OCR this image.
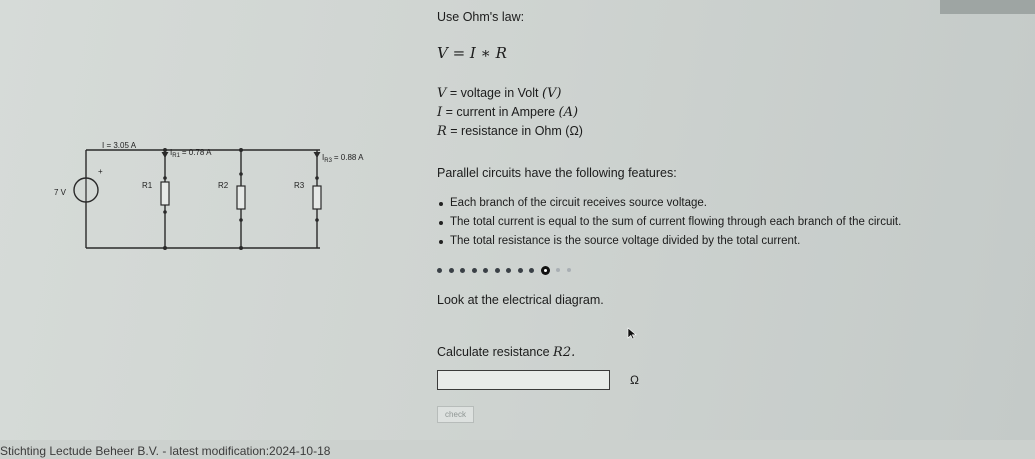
I = 3.05 A
$I_{R1} = 0.78$ A
$I_{R3} = 0.88$ A
7 V
+
R1	R2	R3
Use Ohm's law:
V = I ∗ R
V = voltage in Volt (V)
I = current in Ampere (A)
R = resistance in Ohm (Ω)
Parallel circuits have the following features:
Each branch of the circuit receives source voltage.
The total current is equal to the sum of current flowing through each branch of the circuit.
The total resistance is the source voltage divided by the total current.
Look at the electrical diagram.
Calculate resistance R2.
Ω
check
Stichting Lectude Beheer B.V. - latest modification:2024-10-18
